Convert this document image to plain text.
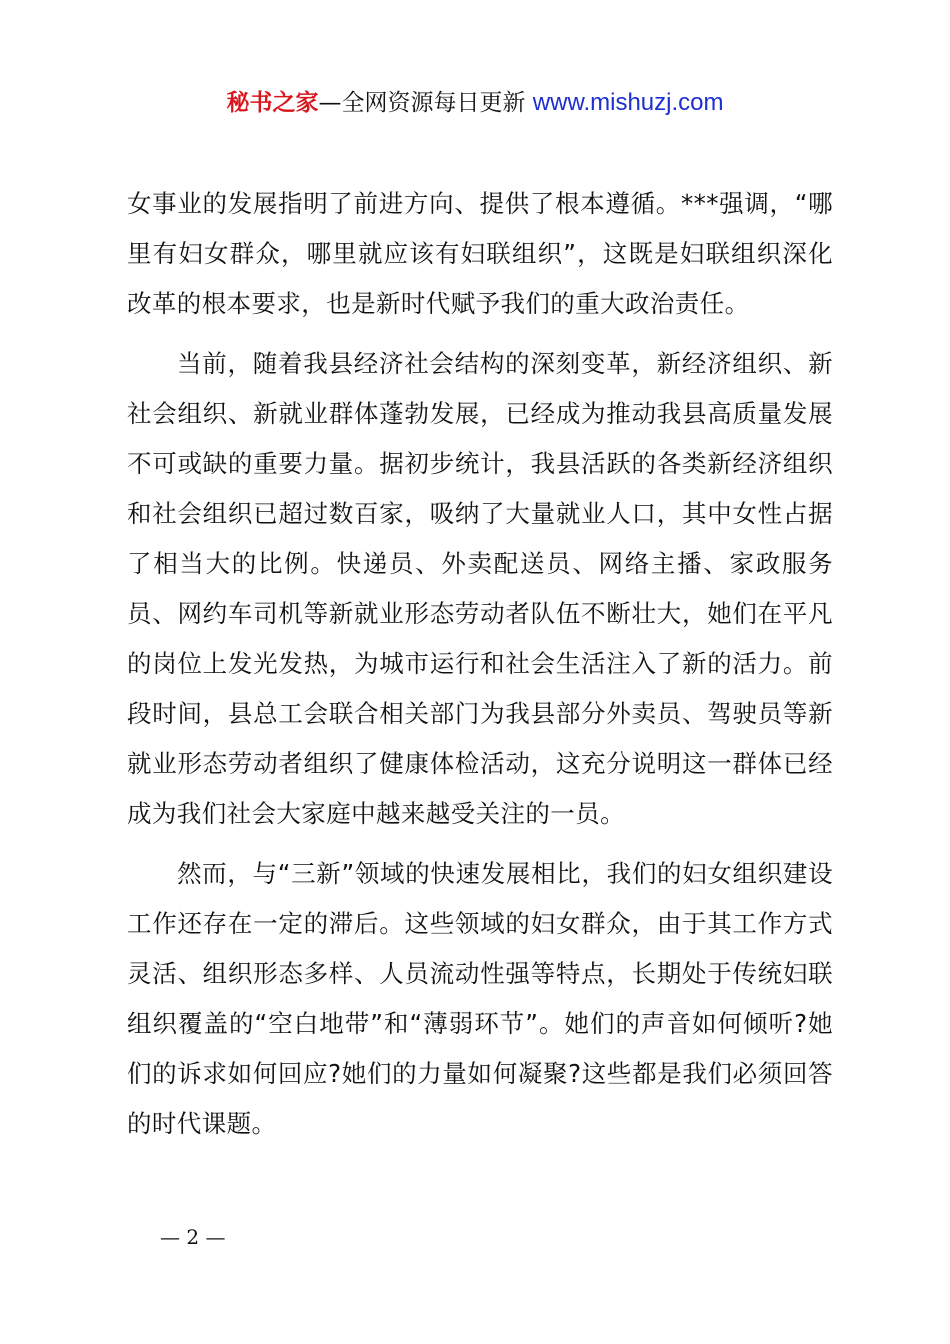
秘书之家—全网资源每日更新 www.mishuzj.com

女事业的发展指明了前进方向、提供了根本遵循。***强调，“哪里有妇女群众，哪里就应该有妇联组织”，这既是妇联组织深化改革的根本要求，也是新时代赋予我们的重大政治责任。

当前，随着我县经济社会结构的深刻变革，新经济组织、新社会组织、新就业群体蓬勃发展，已经成为推动我县高质量发展不可或缺的重要力量。据初步统计，我县活跃的各类新经济组织和社会组织已超过数百家，吸纳了大量就业人口，其中女性占据了相当大的比例。快递员、外卖配送员、网络主播、家政服务员、网约车司机等新就业形态劳动者队伍不断壮大，她们在平凡的岗位上发光发热，为城市运行和社会生活注入了新的活力。前段时间，县总工会联合相关部门为我县部分外卖员、驾驶员等新就业形态劳动者组织了健康体检活动，这充分说明这一群体已经成为我们社会大家庭中越来越受关注的一员。

然而，与“三新”领域的快速发展相比，我们的妇女组织建设工作还存在一定的滞后。这些领域的妇女群众，由于其工作方式灵活、组织形态多样、人员流动性强等特点，长期处于传统妇联组织覆盖的“空白地带”和“薄弱环节”。她们的声音如何倾听?她们的诉求如何回应?她们的力量如何凝聚?这些都是我们必须回答的时代课题。

— 2 —
